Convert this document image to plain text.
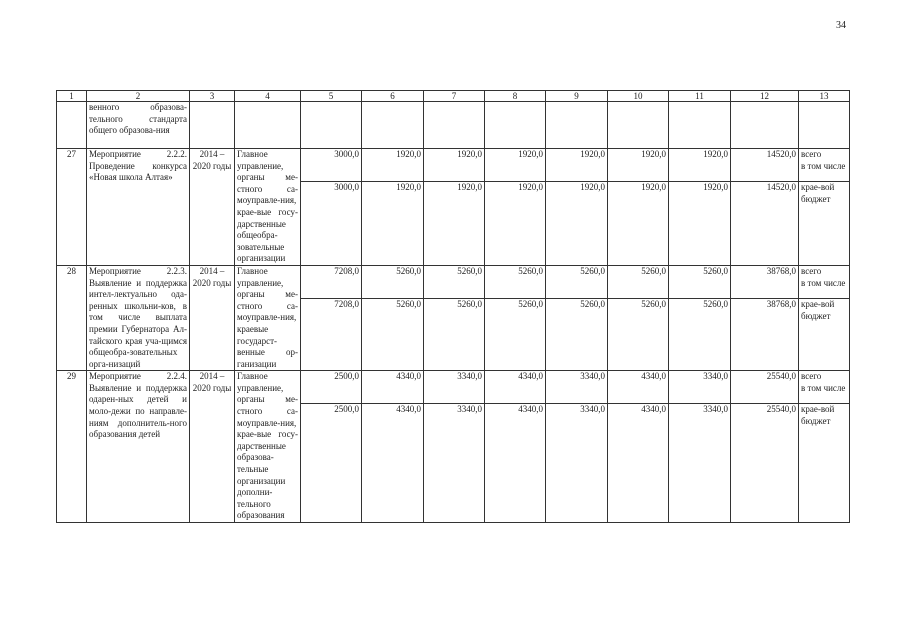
34
1	2	3	4	5	6	7	8	9	10	11	12	13
	венного образова-тельного стандарта общего образова-ния											
27	Мероприятие 2.2.2. Проведение конкурса «Новая школа Алтая»	2014 – 2020 годы	Главное управление, органы ме-стного са-моуправле-ния, крае-вые госу-дарственные общеобра-зовательные организации	3000,0	1920,0	1920,0	1920,0	1920,0	1920,0	1920,0	14520,0	всего
в том числе

				3000,0	1920,0	1920,0	1920,0	1920,0	1920,0	1920,0	14520,0	крае-вой бюджет
28	Мероприятие 2.2.3. Выявление и поддержка интел-лектуально ода-ренных школьни-ков, в том числе выплата премии Губернатора Ал-тайского края уча-щимся общеобра-зовательных орга-низаций	2014 – 2020 годы	Главное управление, органы ме-стного са-моуправле-ния, краевые государст-венные ор-ганизации	7208,0	5260,0	5260,0	5260,0	5260,0	5260,0	5260,0	38768,0	всего
в том числе

				7208,0	5260,0	5260,0	5260,0	5260,0	5260,0	5260,0	38768,0	крае-вой бюджет
29	Мероприятие 2.2.4. Выявление и поддержка одарен-ных детей и моло-дежи по направле-ниям дополнитель-ного образования детей	2014 – 2020 годы	Главное управление, органы ме-стного са-моуправле-ния, крае-вые госу-дарственные образова-тельные организации дополни-тельного образования	2500,0	4340,0	3340,0	4340,0	3340,0	4340,0	3340,0	25540,0	всего
в том числе

				2500,0	4340,0	3340,0	4340,0	3340,0	4340,0	3340,0	25540,0	крае-вой бюджет
